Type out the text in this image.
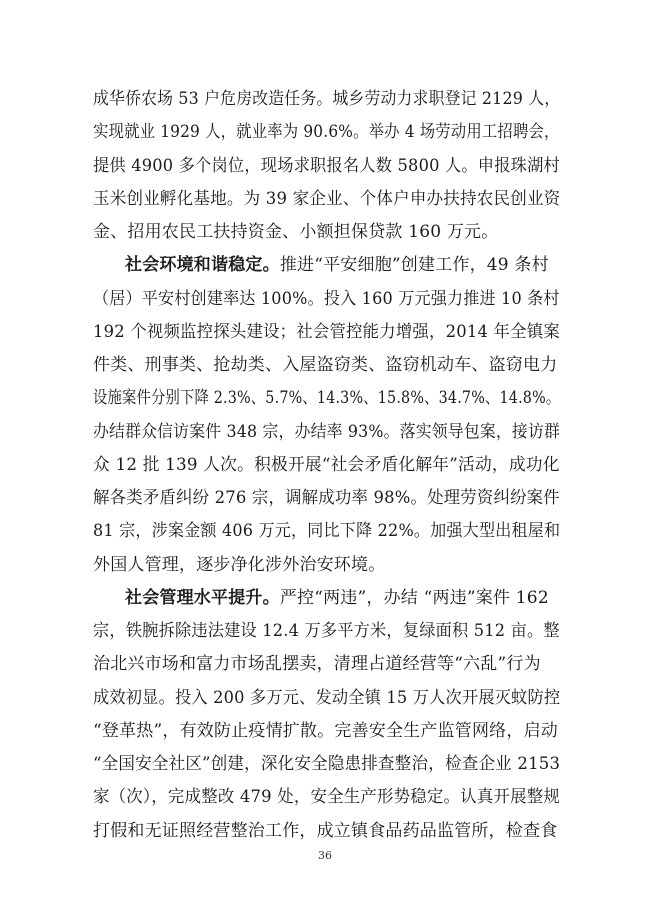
成华侨农场 53 户危房改造任务。城乡劳动力求职登记 2129 人，
实现就业 1929 人，就业率为 90.6%。举办 4 场劳动用工招聘会，
提供 4900 多个岗位，现场求职报名人数 5800 人。申报珠湖村
玉米创业孵化基地。为 39 家企业、个体户申办扶持农民创业资
金、招用农民工扶持资金、小额担保贷款 160 万元。
社会环境和谐稳定。推进“平安细胞”创建工作，49 条村
（居）平安村创建率达 100%。投入 160 万元强力推进 10 条村
192 个视频监控探头建设；社会管控能力增强，2014 年全镇案
件类、刑事类、抢劫类、入屋盗窃类、盗窃机动车、盗窃电力
设施案件分别下降 2.3%、5.7%、14.3%、15.8%、34.7%、14.8%。
办结群众信访案件 348 宗，办结率 93%。落实领导包案，接访群
众 12 批 139 人次。积极开展“社会矛盾化解年”活动，成功化
解各类矛盾纠纷 276 宗，调解成功率 98%。处理劳资纠纷案件
81 宗，涉案金额 406 万元，同比下降 22%。加强大型出租屋和
外国人管理，逐步净化涉外治安环境。
社会管理水平提升。严控“两违”，办结 “两违”案件 162
宗，铁腕拆除违法建设 12.4 万多平方米，复绿面积 512 亩。整
治北兴市场和富力市场乱摆卖，清理占道经营等“六乱”行为
成效初显。投入 200 多万元、发动全镇 15 万人次开展灭蚊防控
“登革热”，有效防止疫情扩散。完善安全生产监管网络，启动
“全国安全社区”创建，深化安全隐患排查整治，检查企业 2153
家（次），完成整改 479 处，安全生产形势稳定。认真开展整规
打假和无证照经营整治工作，成立镇食品药品监管所，检查食
36
